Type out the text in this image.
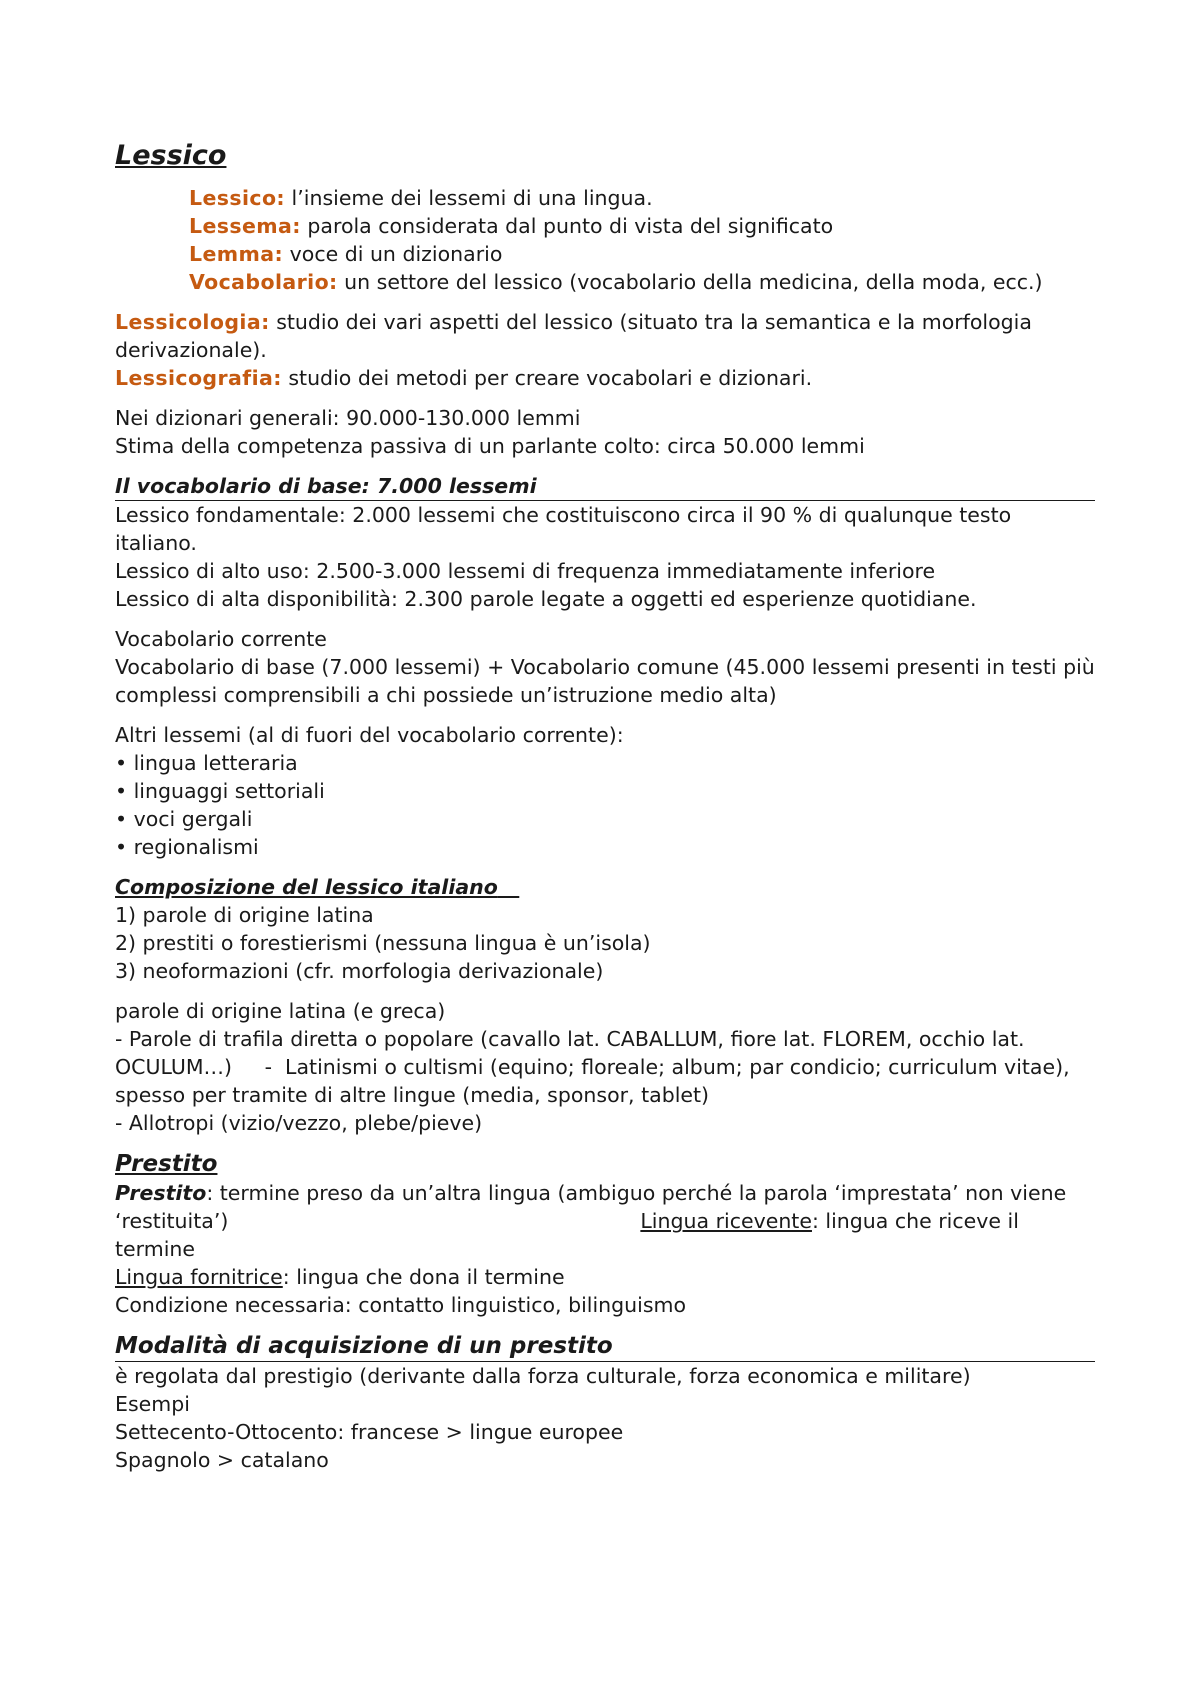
Lessico

Lessico: l’insieme dei lessemi di una lingua.

Lessema: parola considerata dal punto di vista del significato

Lemma: voce di un dizionario

Vocabolario: un settore del lessico (vocabolario della medicina, della moda, ecc.)

Lessicologia: studio dei vari aspetti del lessico (situato tra la semantica e la morfologia derivazionale).

Lessicografia: studio dei metodi per creare vocabolari e dizionari.

Nei dizionari generali: 90.000-130.000 lemmi

Stima della competenza passiva di un parlante colto: circa 50.000 lemmi

Il vocabolario di base: 7.000 lessemi

Lessico fondamentale: 2.000 lessemi che costituiscono circa il 90 % di qualunque testo italiano.

Lessico di alto uso: 2.500-3.000 lessemi di frequenza immediatamente inferiore

Lessico di alta disponibilità: 2.300 parole legate a oggetti ed esperienze quotidiane.

Vocabolario corrente

Vocabolario di base (7.000 lessemi) + Vocabolario comune (45.000 lessemi presenti in testi più complessi comprensibili a chi possiede un’istruzione medio alta)

Altri lessemi (al di fuori del vocabolario corrente):

• lingua letteraria

• linguaggi settoriali

• voci gergali

• regionalismi

Composizione del lessico italiano

1) parole di origine latina

2) prestiti o forestierismi (nessuna lingua è un’isola)

3) neoformazioni (cfr. morfologia derivazionale)

parole di origine latina (e greca)

- Parole di trafila diretta o popolare (cavallo lat. CABALLUM, fiore lat. FLOREM, occhio lat. OCULUM…)     -  Latinismi o cultismi (equino; floreale; album; par condicio; curriculum vitae), spesso per tramite di altre lingue (media, sponsor, tablet)

- Allotropi (vizio/vezzo, plebe/pieve)

Prestito

Prestito: termine preso da un’altra lingua (ambiguo perché la parola ‘imprestata’ non viene ‘restituita’)	Lingua ricevente: lingua che riceve il termine

Lingua fornitrice: lingua che dona il termine

Condizione necessaria: contatto linguistico, bilinguismo

Modalità di acquisizione di un prestito

è regolata dal prestigio (derivante dalla forza culturale, forza economica e militare)

Esempi

Settecento-Ottocento: francese > lingue europee

Spagnolo > catalano
